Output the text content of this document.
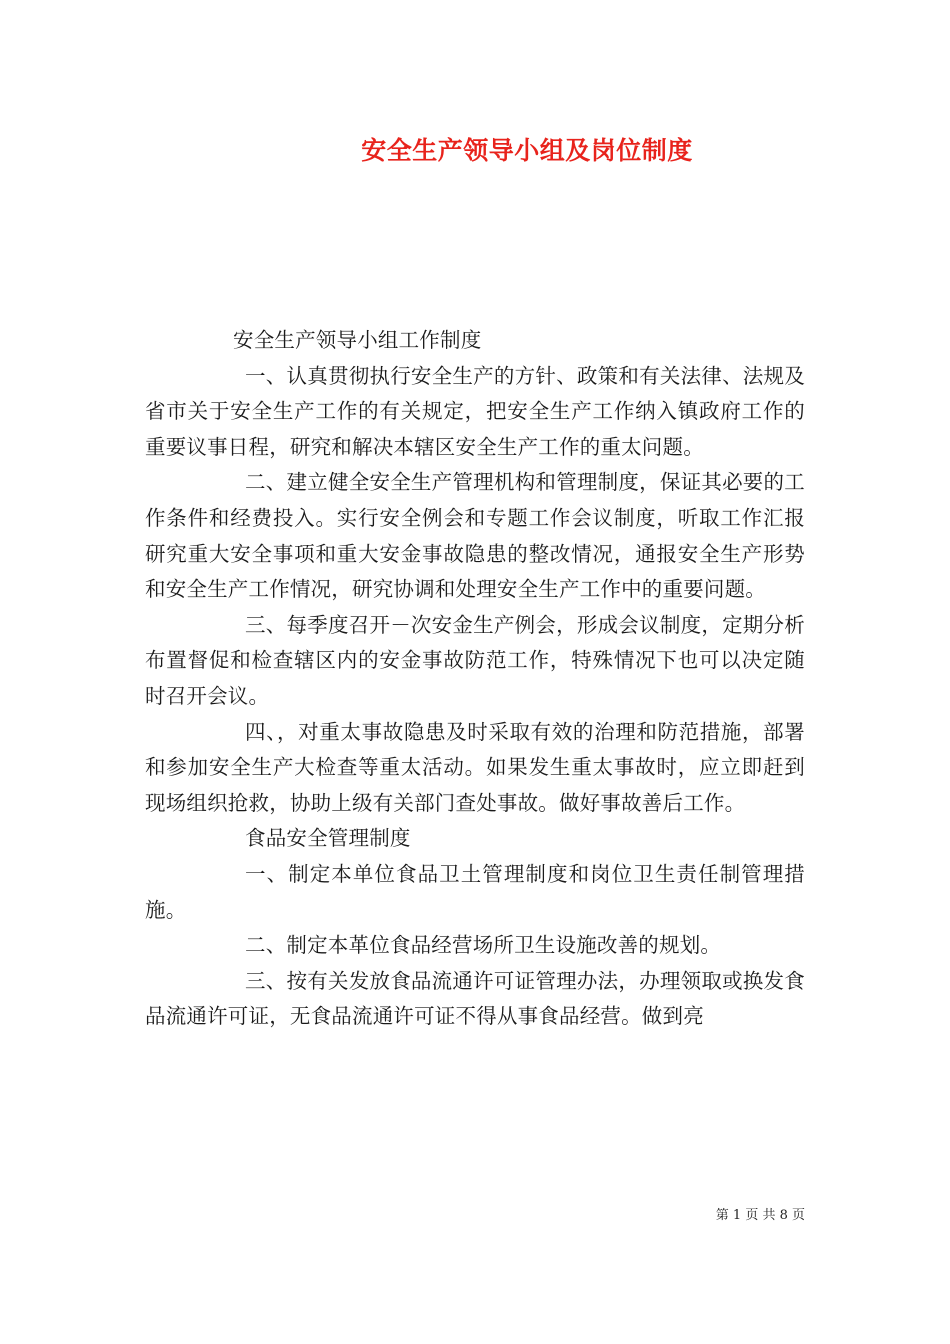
安全生产领导小组及岗位制度

安全生产领导小组工作制度

一、认真贯彻执行安全生产的方针、政策和有关法律、法规及省市关于安全生产工作的有关规定，把安全生产工作纳入镇政府工作的重要议事日程，研究和解决本辖区安全生产工作的重太问题。

二、建立健全安全生产管理机构和管理制度，保证其必要的工作条件和经费投入。实行安全例会和专题工作会议制度，听取工作汇报研究重大安全事项和重大安金事故隐患的整改情况，通报安全生产形势和安全生产工作情况，研究协调和处理安全生产工作中的重要问题。

三、每季度召开－次安金生产例会，形成会议制度，定期分析布置督促和检查辖区内的安金事故防范工作，特殊情况下也可以决定随时召开会议。

四、，对重太事故隐患及时采取有效的治理和防范措施，部署和参加安全生产大检查等重太活动。如果发生重太事故时，应立即赶到现场组织抢救，协助上级有关部门查处事故。做好事故善后工作。

食品安全管理制度

一、制定本单位食品卫土管理制度和岗位卫生责任制管理措施。

二、制定本革位食品经营场所卫生设施改善的规划。

三、按有关发放食品流通许可证管理办法，办理领取或换发食品流通许可证，无食品流通许可证不得从事食品经营。做到亮

第 1 页 共 8 页
